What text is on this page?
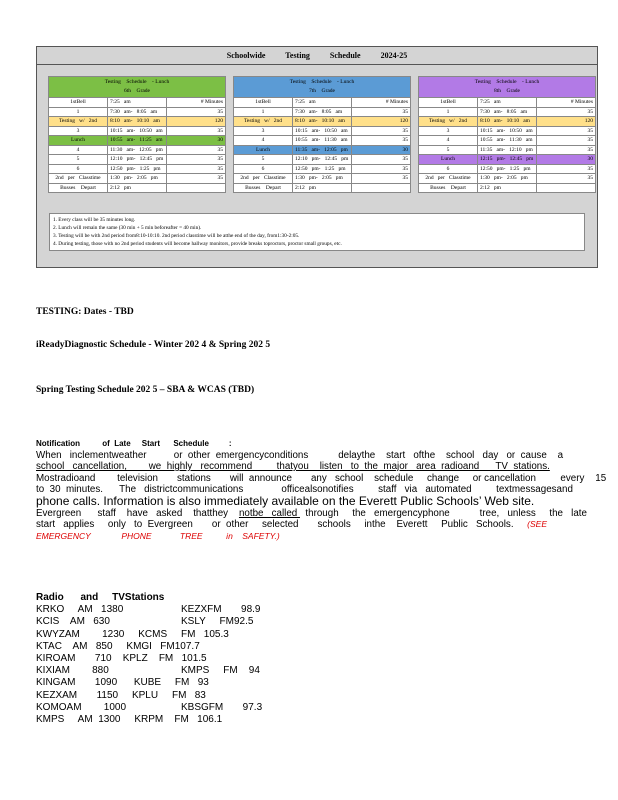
Schoolwide          Testing          Schedule          2024-25
Testing    Schedule    - Lunch
6th    Grade		

1stBell	7:25   am	# Minutes
1	7:30   am-   8:05   am	35
Testing   w/   2nd	8:10   am-   10:10   am	120
3	10:15   am-   10:50   am	35
Lunch	10:55   am-   11:25   am	30
4	11:30   am-   12:05   pm	35
5	12:10   pm-   12:45   pm	35
6	12:50   pm-   1:25   pm	35
2nd   per   Classtime	1:30   pm-   2:05   pm	35
Busses    Depart	2:12   pm	
Testing    Schedule    - Lunch
7th    Grade		

1stBell	7:25   am	# Minutes
1	7:30   am-   8:05   am	35
Testing   w/   2nd	8:10   am-   10:10   am	120
3	10:15   am-   10:50   am	35
4	10:55   am-   11:30   am	35
Lunch	11:35   am-   12:05   pm	30
5	12:10   pm-   12:45   pm	35
6	12:50   pm-   1:25   pm	35
2nd   per   Classtime	1:30   pm-   2:05   pm	35
Busses    Depart	2:12   pm	
Testing    Schedule    - Lunch
8th    Grade		

1stBell	7:25   am	# Minutes
1	7:30   am-   8:05   am	35
Testing   w/   2nd	8:10   am-   10:10   am	120
3	10:15   am-   10:50   am	35
4	10:55   am-   11:30   am	35
5	11:35   am-   12:10   pm	35
Lunch	12:15   pm-   12:45   pm	30
6	12:50   pm-   1:25   pm	35
2nd   per   Classtime	1:30   pm-   2:05   pm	35
Busses    Depart	2:12   pm	
1. Every class will be 35 minutes long.
2. Lunch will remain the same (30 min + 5 min beforeafter = 40 min).
3. Testing will be with 2nd period from8:10-10:10. 2nd period classtime will be atthe end of the day, from1:30-2:05.
4. During testing, those with no 2nd period students will become hallway monitors, provide breaks toproctors, proctor small groups, etc.
TESTING: Dates - TBD
iReadyDiagnostic Schedule - Winter 202 4 & Spring 202 5
Spring Testing Schedule 202 5 – SBA & WCAS (TBD)
Notification          of  Late     Start      Schedule         :
When   inclementweather          or  other  emergencyconditions           delaythe    start   ofthe    school   day   or  cause    a
school   cancellation,        we  highly   recommend         thatyou    listen   to  the  major   area  radioand      TV  stations.
Mostradioand        television       stations       will  announce       any   school    schedule     change     or cancellation         every    15
to  30  minutes.      The   districtcommunications              officealsonotifies         staff   via   automated         textmessagesand
phone calls. Information is also immediately available on the Everett Public Schools’ Web site.
Evergreen      staff    have   asked    thatthey    notbe   called   through     the   emergencyphone           tree,   unless     the   late
start   applies     only   to  Evergreen       or  other     selected       schools     inthe    Everett     Public   Schools.     (SEE
EMERGENCY             PHONE            TREE          in    SAFETY.)
Radio      and     TVStations
KRKO     AM   1380	KEZXFM       98.9
KCIS    AM   630	KSLY     FM92.5
KWYZAM        1230     KCMS     FM   105.3
KTAC    AM   850     KMGI   FM107.7
KIROAM       710    KPLZ    FM   101.5
KIXIAM        880	KMPS     FM    94
KINGAM       1090      KUBE     FM   93
KEZXAM       1150     KPLU     FM   83
KOMOAM        1000	KBSGFM       97.3
KMPS     AM  1300     KRPM    FM   106.1
